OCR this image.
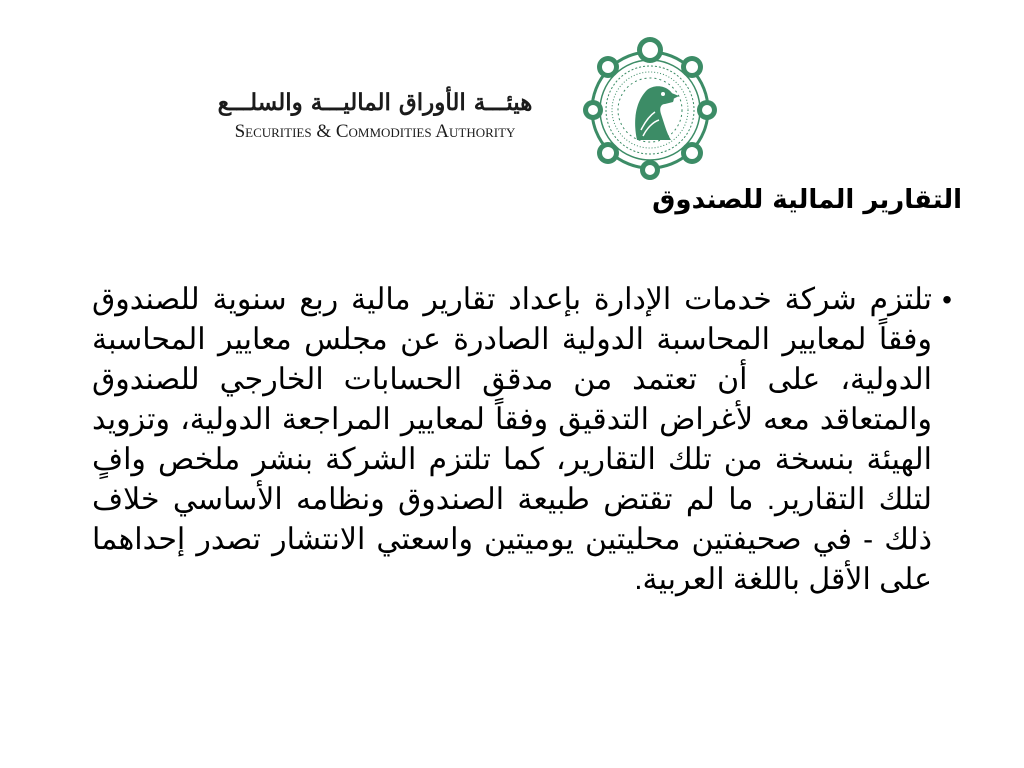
هيئـــة الأوراق الماليـــة والسلـــع
Securities & Commodities Authority
التقارير المالية للصندوق
•

تلتزم شركة خدمات الإدارة بإعداد تقارير مالية ربع سنوية للصندوق وفقاً لمعايير المحاسبة الدولية الصادرة عن مجلس معايير المحاسبة الدولية، على أن تعتمد من مدقق الحسابات الخارجي للصندوق والمتعاقد معه لأغراض التدقيق وفقاً لمعايير المراجعة الدولية، وتزويد الهيئة بنسخة من تلك التقارير، كما تلتزم الشركة بنشر ملخص وافٍ لتلك التقارير. ما لم تقتض طبيعة الصندوق ونظامه الأساسي خلاف ذلك - في صحيفتين محليتين يوميتين واسعتي الانتشار تصدر إحداهما على الأقل باللغة العربية.
